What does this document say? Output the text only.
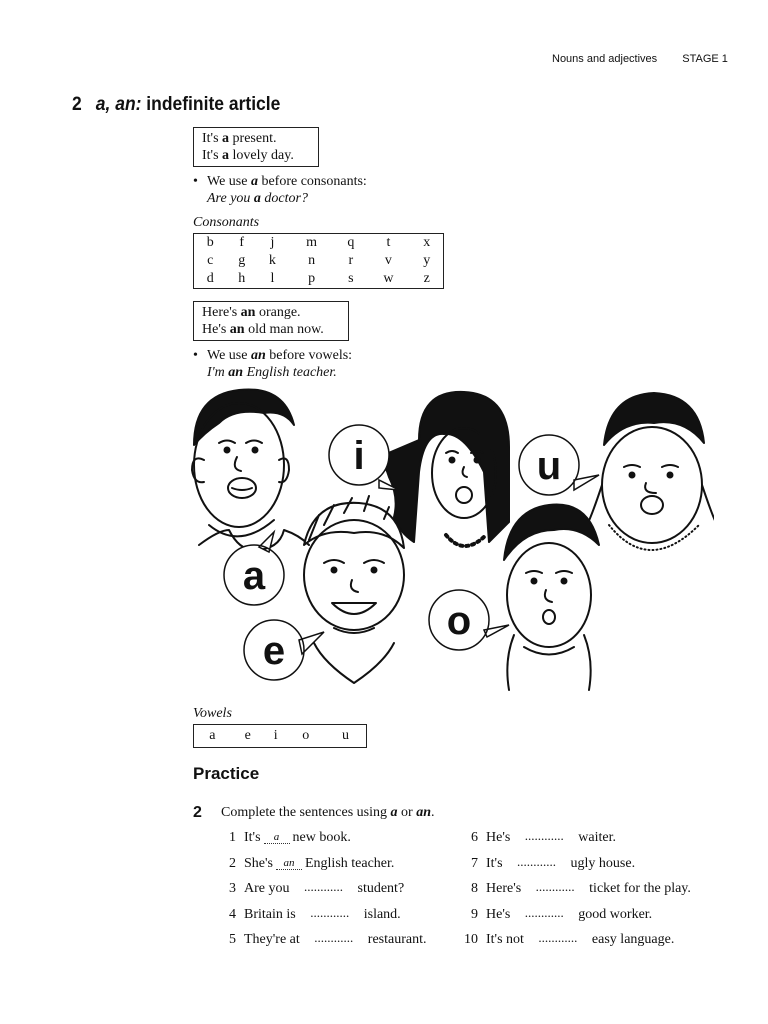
Nouns and adjectives STAGE 1
2 a, an: indefinite article
It's a present.
It's a lovely day.
• We use a before consonants:
Are you a doctor?
Consonants
b	f	j	m	q	t	x
c	g	k	n	r	v	y
d	h	l	p	s	w	z
Here's an orange.
He's an old man now.
• We use an before vowels:
I'm an English teacher.
a
e
i
o
u
Vowels
a	e	i	o	u
Practice
2 Complete the sentences using a or an.
1 It's a new book.
2 She's an English teacher.
3 Are you .....	student?
4 Britain is .....	island.
5 They're at .....	restaurant.
6 He's .....	waiter.
7 It's .....	ugly house.
8 Here's .....	ticket for the play.
9 He's .....	good worker.
10 It's not .....	easy language.
